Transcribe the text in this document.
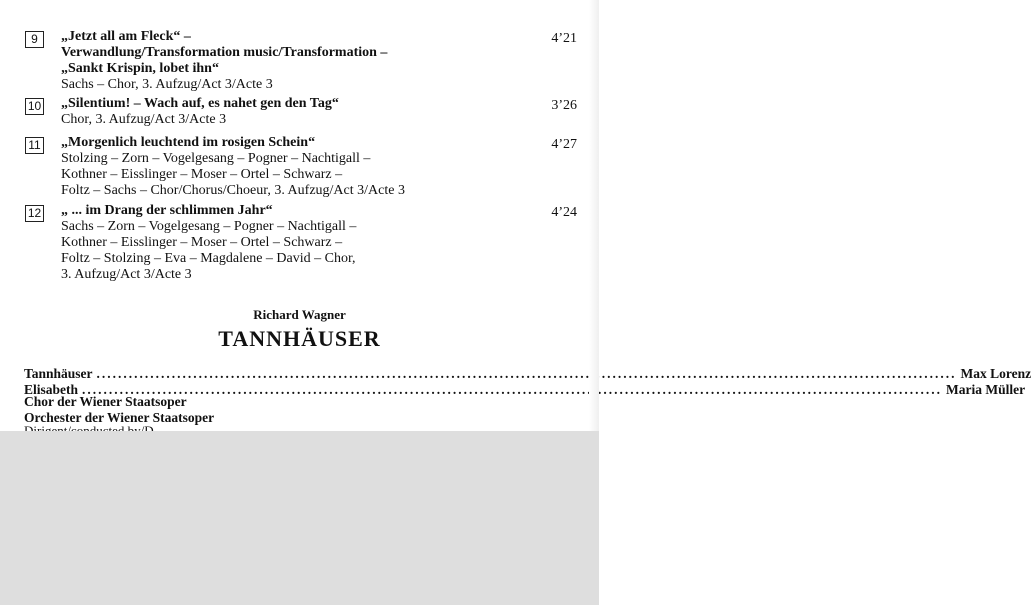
9	„Jetzt all am Fleck“ –
Verwandlung/Transformation music/Transformation –
„Sankt Krispin, lobet ihn“
Sachs – Chor, 3. Aufzug/Act 3/Acte 3
4’21
10 „Silentium! – Wach auf, es nahet gen den Tag“
Chor, 3. Aufzug/Act 3/Acte 3
3’26
11 „Morgenlich leuchtend im rosigen Schein“
Stolzing – Zorn – Vogelgesang – Pogner – Nachtigall –
Kothner – Eisslinger – Moser – Ortel – Schwarz –
Foltz – Sachs – Chor/Chorus/Choeur, 3. Aufzug/Act 3/Acte 3
4’27
12 „ ... im Drang der schlimmen Jahr“
Sachs – Zorn – Vogelgesang – Pogner – Nachtigall –
Kothner – Eisslinger – Moser – Ortel – Schwarz –
Foltz – Stolzing – Eva – Magdalene – David – Chor,
3. Aufzug/Act 3/Acte 3
4’24
Richard Wagner
TANNHÄUSER
Tannhäuser .....	Max Lorenz
Elisabeth .....	Maria Müller
Chor der Wiener Staatsoper
Orchester der Wiener Staatsoper
